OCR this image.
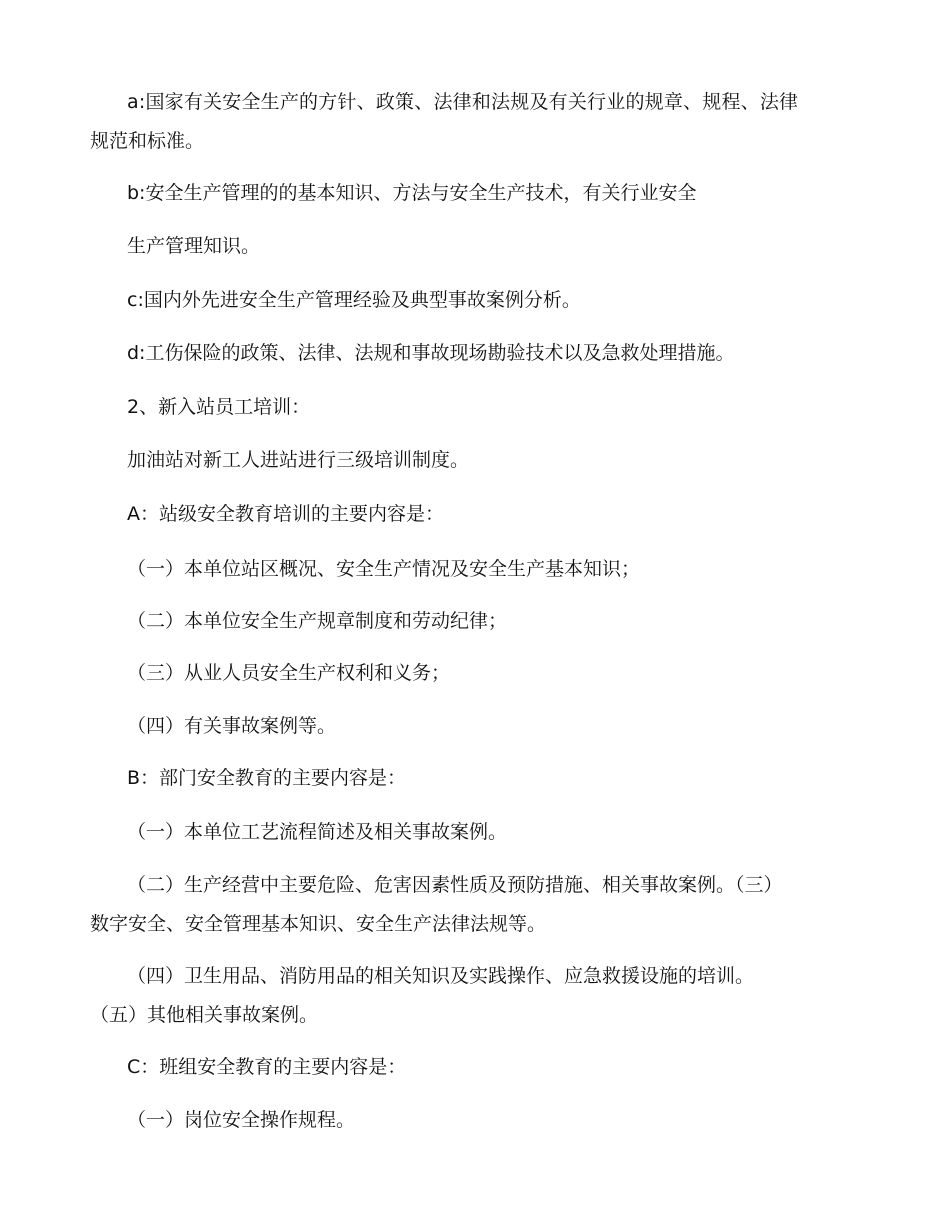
a:国家有关安全生产的方针、政策、法律和法规及有关行业的规章、规程、法律

规范和标准。

b:安全生产管理的的基本知识、方法与安全生产技术，有关行业安全

生产管理知识。

c:国内外先进安全生产管理经验及典型事故案例分析。

d:工伤保险的政策、法律、法规和事故现场勘验技术以及急救处理措施。

2、新入站员工培训：

加油站对新工人进站进行三级培训制度。

A：站级安全教育培训的主要内容是：

（一）本单位站区概况、安全生产情况及安全生产基本知识；

（二）本单位安全生产规章制度和劳动纪律；

（三）从业人员安全生产权利和义务；

（四）有关事故案例等。

B：部门安全教育的主要内容是：

（一）本单位工艺流程简述及相关事故案例。

（二）生产经营中主要危险、危害因素性质及预防措施、相关事故案例。（三）

数字安全、安全管理基本知识、安全生产法律法规等。

（四）卫生用品、消防用品的相关知识及实践操作、应急救援设施的培训。

（五）其他相关事故案例。

C：班组安全教育的主要内容是：

（一）岗位安全操作规程。
